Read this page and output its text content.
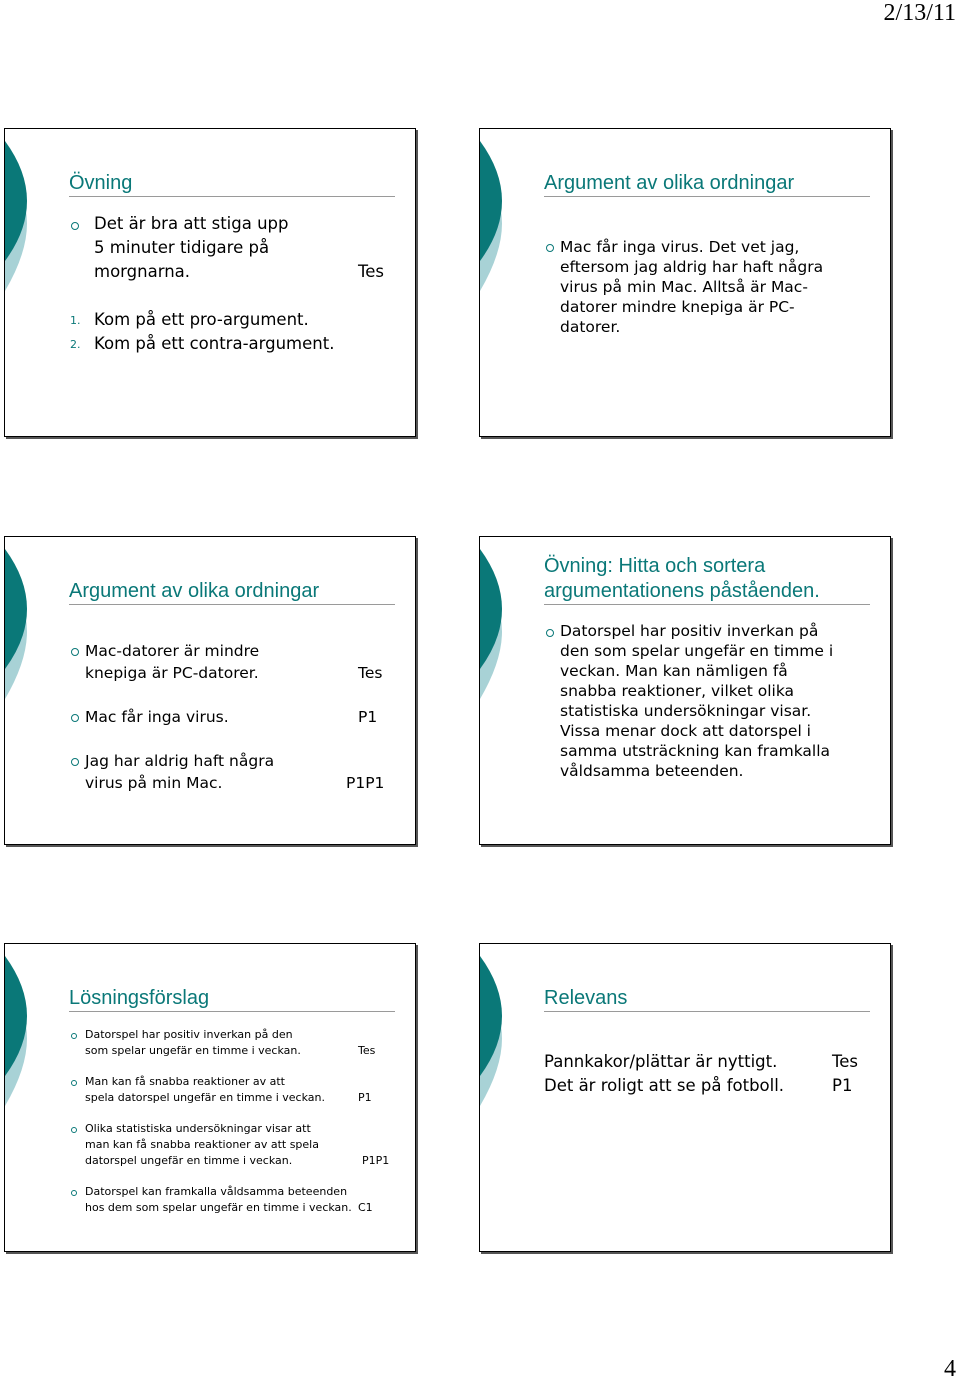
2/13/11
Övning
Det är bra att stiga upp
5 minuter tidigare på
morgnarna.	Tes
1. Kom på ett pro-argument.
2. Kom på ett contra-argument.
Argument av olika ordningar
Mac får inga virus. Det vet jag,
eftersom jag aldrig har haft några
virus på min Mac. Alltså är Mac-
datorer mindre knepiga är PC-
datorer.
Argument av olika ordningar
Mac-datorer är mindre
knepiga är PC-datorer.	Tes
Mac får inga virus.	P1
Jag har aldrig haft några
virus på min Mac.	P1P1
Övning: Hitta och sortera
argumentationens påståenden.
Datorspel har positiv inverkan på
den som spelar ungefär en timme i
veckan. Man kan nämligen få
snabba reaktioner, vilket olika
statistiska undersökningar visar.
Vissa menar dock att datorspel i
samma utsträckning kan framkalla
våldsamma beteenden.
Lösningsförslag
Datorspel har positiv inverkan på den
som spelar ungefär en timme i veckan.	Tes
Man kan få snabba reaktioner av att
spela datorspel ungefär en timme i veckan.	P1
Olika statistiska undersökningar visar att
man kan få snabba reaktioner av att spela
datorspel ungefär en timme i veckan.	P1P1
Datorspel kan framkalla våldsamma beteenden
hos dem som spelar ungefär en timme i veckan. C1
Relevans
Pannkakor/plättar är nyttigt.	Tes
Det är roligt att se på fotboll.	P1
4
